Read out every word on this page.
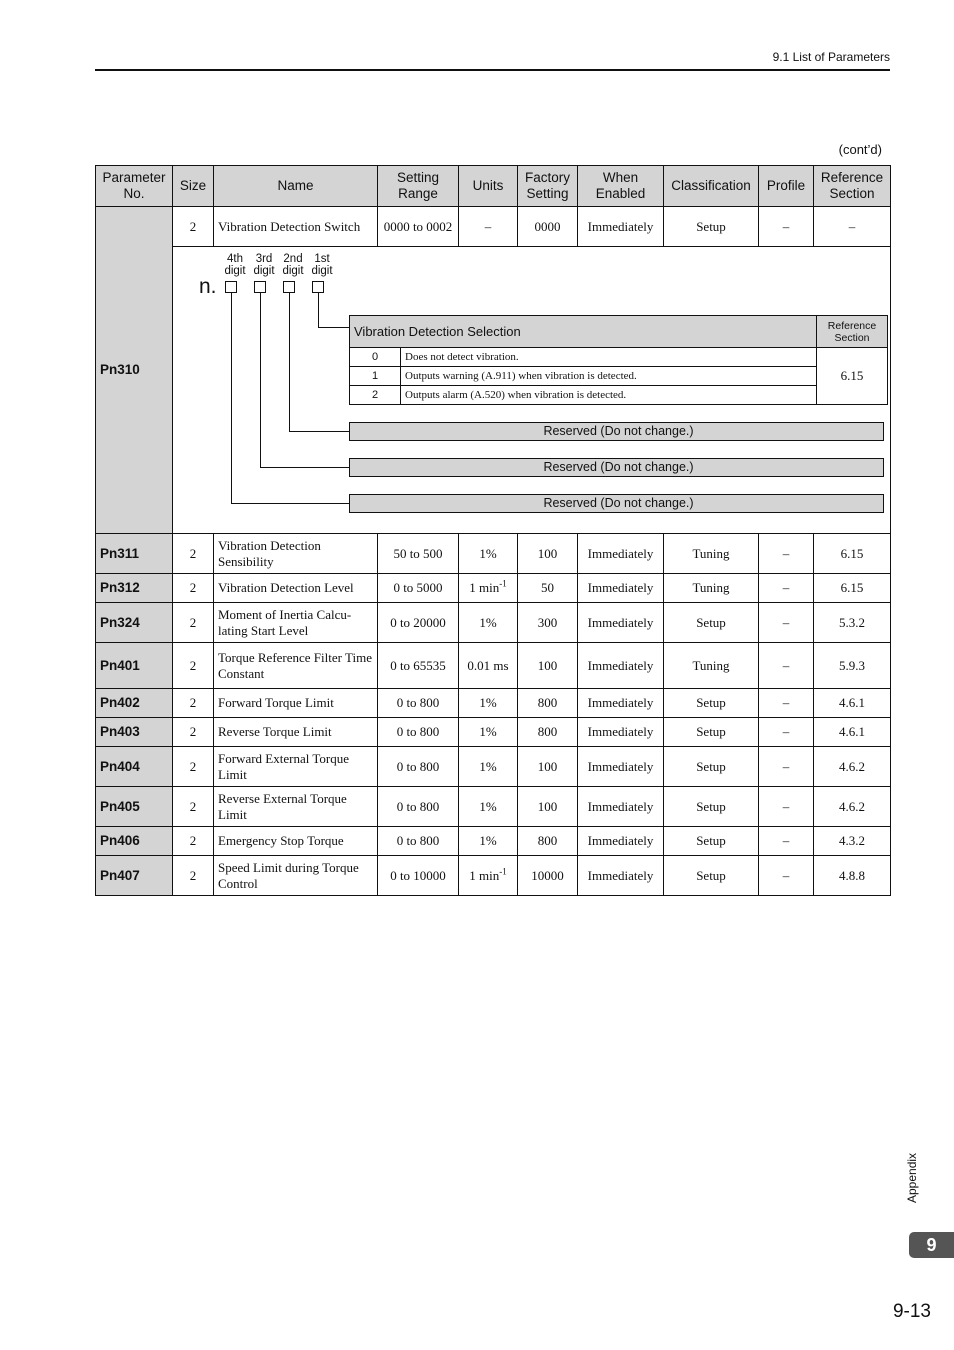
9.1 List of Parameters
(cont’d)
Parameter No.	Size	Name	Setting Range	Units	Factory Setting	When Enabled	Classification	Profile	Reference Section
Pn310	2	Vibration Detection Switch	0000 to 0002	–	0000	Immediately	Setup	–	–

4th digit
3rd digit
2nd digit
1st digit
n.
Vibration Detection Selection	Reference Section
0	Does not detect vibration.	6.15
1	Outputs warning (A.911) when vibration is detected.
2	Outputs alarm (A.520) when vibration is detected.
Reserved (Do not change.)
Reserved (Do not change.)
Reserved (Do not change.)

Pn311	2	Vibration Detection Sensibility	50 to 500	1%	100	Immediately	Tuning	–	6.15
Pn312	2	Vibration Detection Level	0 to 5000	1 $\min^{-1}$	50	Immediately	Tuning	–	6.15
Pn324	2	Moment of Inertia Calcu-lating Start Level	0 to 20000	1%	300	Immediately	Setup	–	5.3.2
Pn401	2	Torque Reference Filter Time Constant	0 to 65535	0.01 ms	100	Immediately	Tuning	–	5.9.3
Pn402	2	Forward Torque Limit	0 to 800	1%	800	Immediately	Setup	–	4.6.1
Pn403	2	Reverse Torque Limit	0 to 800	1%	800	Immediately	Setup	–	4.6.1
Pn404	2	Forward External Torque Limit	0 to 800	1%	100	Immediately	Setup	–	4.6.2
Pn405	2	Reverse External Torque Limit	0 to 800	1%	100	Immediately	Setup	–	4.6.2
Pn406	2	Emergency Stop Torque	0 to 800	1%	800	Immediately	Setup	–	4.3.2
Pn407	2	Speed Limit during Torque Control	0 to 10000	1 $\min^{-1}$	10000	Immediately	Setup	–	4.8.8
Appendix
9
9-13
